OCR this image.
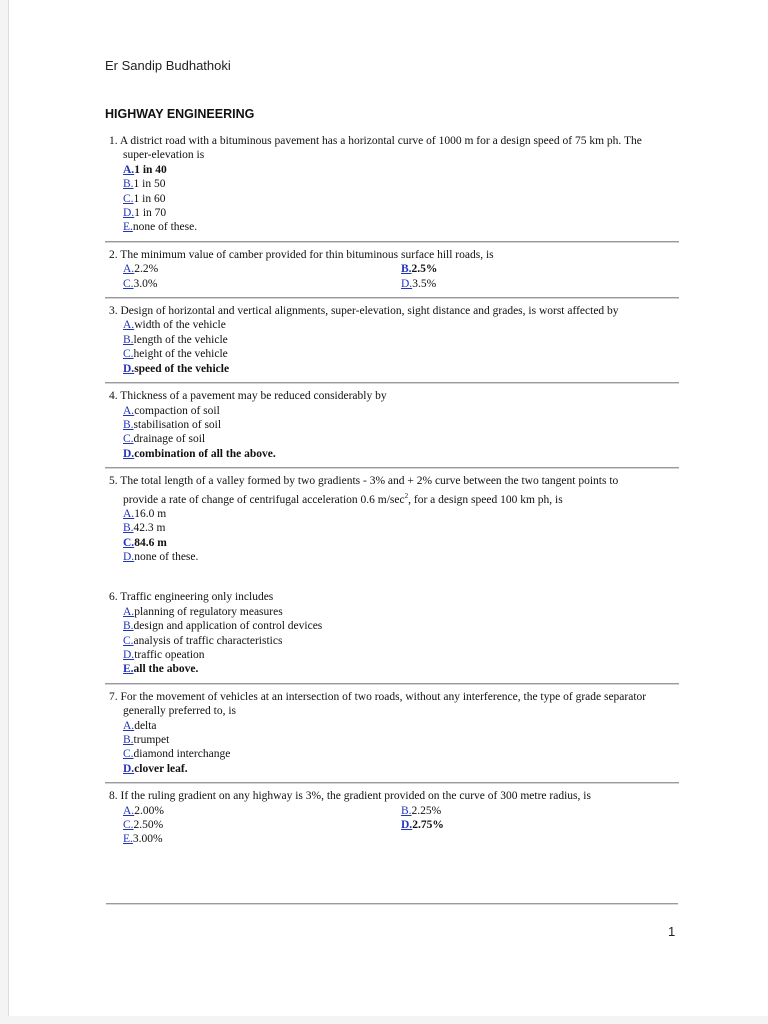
Er Sandip Budhathoki
HIGHWAY ENGINEERING
1. A district road with a bituminous pavement has a horizontal curve of 1000 m for a design speed of 75 km ph. The
super-elevation is
A.1 in 40
B.1 in 50
C.1 in 60
D.1 in 70
E.none of these.
2. The minimum value of camber provided for thin bituminous surface hill roads, is
A.2.2%	B.2.5%
C.3.0%	D.3.5%
3. Design of horizontal and vertical alignments, super-elevation, sight distance and grades, is worst affected by
A.width of the vehicle
B.length of the vehicle
C.height of the vehicle
D.speed of the vehicle
4. Thickness of a pavement may be reduced considerably by
A.compaction of soil
B.stabilisation of soil
C.drainage of soil
D.combination of all the above.
5. The total length of a valley formed by two gradients - 3% and + 2% curve between the two tangent points to
provide a rate of change of centrifugal acceleration 0.6 $m/\sec^2$, for a design speed 100 km ph, is
A.16.0 m
B.42.3 m
C.84.6 m
D.none of these.
6. Traffic engineering only includes
A.planning of regulatory measures
B.design and application of control devices
C.analysis of traffic characteristics
D.traffic opeation
E.all the above.
7. For the movement of vehicles at an intersection of two roads, without any interference, the type of grade separator
generally preferred to, is
A.delta
B.trumpet
C.diamond interchange
D.clover leaf.
8. If the ruling gradient on any highway is 3%, the gradient provided on the curve of 300 metre radius, is
A.2.00%	B.2.25%
C.2.50%	D.2.75%
E.3.00%
1
